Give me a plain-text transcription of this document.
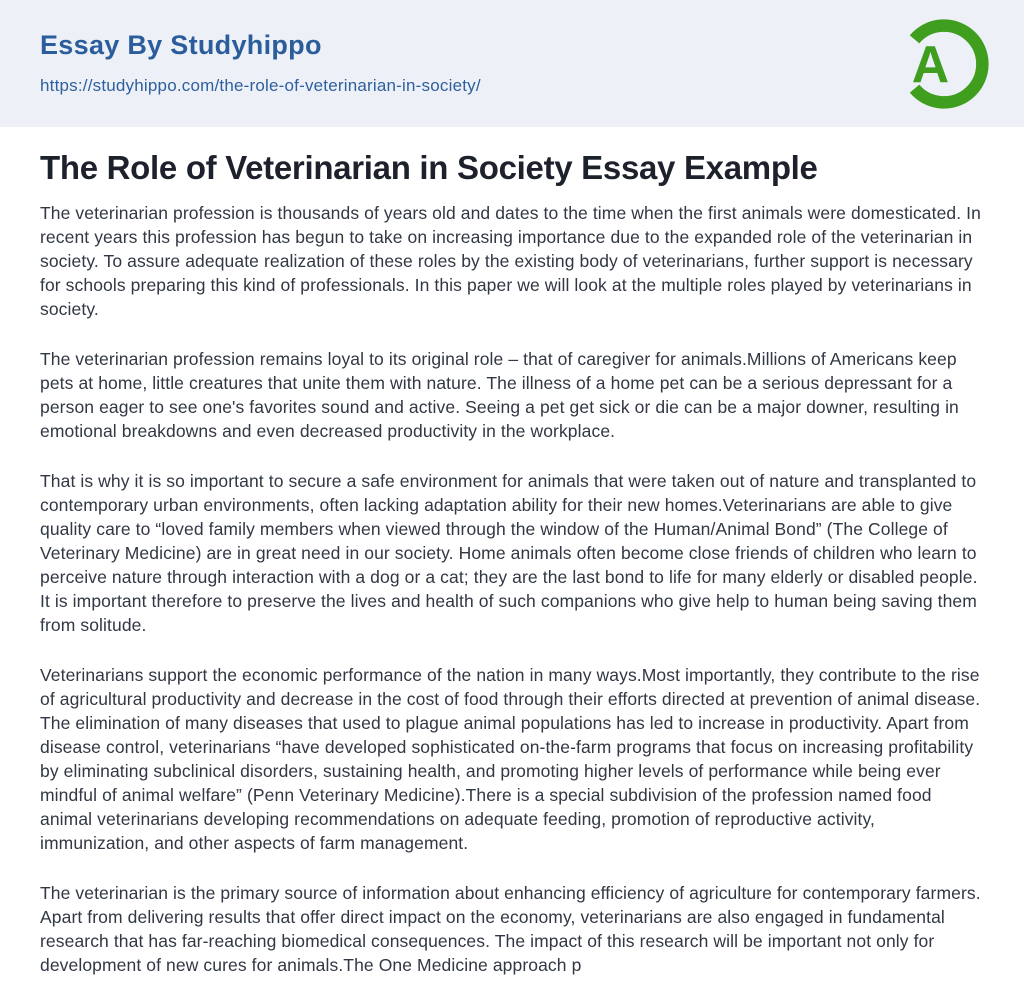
Essay By Studyhippo
https://studyhippo.com/the-role-of-veterinarian-in-society/	A
The Role of Veterinarian in Society Essay Example

The veterinarian profession is thousands of years old and dates to the time when the first animals were domesticated. In recent years this profession has begun to take on increasing importance due to the expanded role of the veterinarian in society. To assure adequate realization of these roles by the existing body of veterinarians, further support is necessary for schools preparing this kind of professionals. In this paper we will look at the multiple roles played by veterinarians in society.

The veterinarian profession remains loyal to its original role – that of caregiver for animals.Millions of Americans keep pets at home, little creatures that unite them with nature. The illness of a home pet can be a serious depressant for a person eager to see one's favorites sound and active. Seeing a pet get sick or die can be a major downer, resulting in emotional breakdowns and even decreased productivity in the workplace.

That is why it is so important to secure a safe environment for animals that were taken out of nature and transplanted to contemporary urban environments, often lacking adaptation ability for their new homes.Veterinarians are able to give quality care to “loved family members when viewed through the window of the Human/Animal Bond” (The College of Veterinary Medicine) are in great need in our society. Home animals often become close friends of children who learn to perceive nature through interaction with a dog or a cat; they are the last bond to life for many elderly or disabled people. It is important therefore to preserve the lives and health of such companions who give help to human being saving them from solitude.

Veterinarians support the economic performance of the nation in many ways.Most importantly, they contribute to the rise of agricultural productivity and decrease in the cost of food through their efforts directed at prevention of animal disease. The elimination of many diseases that used to plague animal populations has led to increase in productivity. Apart from disease control, veterinarians “have developed sophisticated on-the-farm programs that focus on increasing profitability by eliminating subclinical disorders, sustaining health, and promoting higher levels of performance while being ever mindful of animal welfare” (Penn Veterinary Medicine).There is a special subdivision of the profession named food animal veterinarians developing recommendations on adequate feeding, promotion of reproductive activity, immunization, and other aspects of farm management.

The veterinarian is the primary source of information about enhancing efficiency of agriculture for contemporary farmers. Apart from delivering results that offer direct impact on the economy, veterinarians are also engaged in fundamental research that has far-reaching biomedical consequences. The impact of this research will be important not only for development of new cures for animals.The One Medicine approach p
